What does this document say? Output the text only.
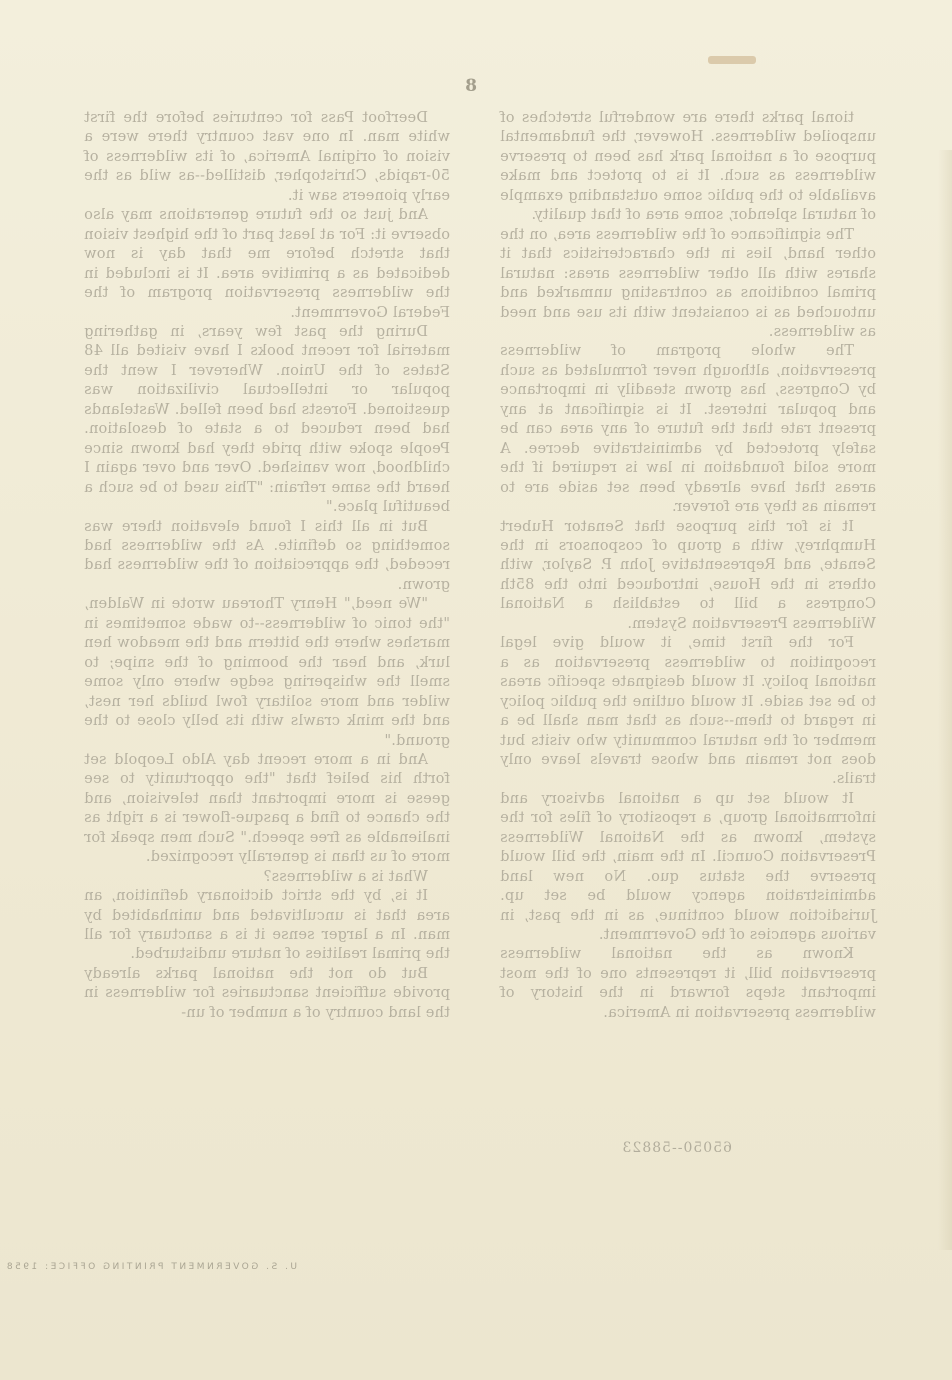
8

tional parks there are wonderful stretches of unspoiled wilderness. However, the fundamental purpose of a national park has been to preserve wilderness as such. It is to protect and make available to the public some outstanding example of natural splendor, some area of that quality.

The significance of the wilderness area, on the other hand, lies in the characteristics that it shares with all other wilderness areas: natural primal conditions as contrasting unmarked and untouched as is consistent with its use and need as wilderness.

The whole program of wilderness preservation, although never formulated as such by Congress, has grown steadily in importance and popular interest. It is significant at any present rate that the future of any area can be safely protected by administrative decree. A more solid foundation in law is required if the areas that have already been set aside are to remain as they are forever.

It is for this purpose that Senator Hubert Humphrey, with a group of cosponsors in the Senate, and Representative John P. Saylor, with others in the House, introduced into the 85th Congress a bill to establish a National Wilderness Preservation System.

For the first time, it would give legal recognition to wilderness preservation as a national policy. It would designate specific areas to be set aside. It would outline the public policy in regard to them--such as that man shall be a member of the natural community who visits but does not remain and whose travels leave only trails.

It would set up a national advisory and informational group, a repository of files for the system, known as the National Wilderness Preservation Council. In the main, the bill would preserve the status quo. No new land administration agency would be set up. Jurisdiction would continue, as in the past, in various agencies of the Government.

Known as the national wilderness preservation bill, it represents one of the most important steps forward in the history of wilderness preservation in America.

Deerfoot Pass for centuries before the first white man. In one vast country there were a vision of original America, of its wilderness of 50-rapids, Christopher, distilled--as wild as the early pioneers saw it.

And just so the future generations may also observe it: For at least part of the highest vision that stretch before me that day is now dedicated as a primitive area. It is included in the wilderness preservation program of the Federal Government.

During the past few years, in gathering material for recent books I have visited all 48 States of the Union. Wherever I went the popular or intellectual civilization was questioned. Forests had been felled. Wastelands had been reduced to a state of desolation. People spoke with pride they had known since childhood, now vanished. Over and over again I heard the same refrain: "This used to be such a beautiful place."

But in all this I found elevation there was something so definite. As the wilderness had receded, the appreciation of the wilderness had grown.

"We need," Henry Thoreau wrote in Walden, "the tonic of wilderness--to wade sometimes in marshes where the bittern and the meadow hen lurk, and hear the booming of the snipe; to smell the whispering sedge where only some wilder and more solitary fowl builds her nest, and the mink crawls with its belly close to the ground."

And in a more recent day Aldo Leopold set forth his belief that "the opportunity to see geese is more important than television, and the chance to find a pasque-flower is a right as inalienable as free speech." Such men speak for more of us than is generally recognized.

What is a wilderness?

It is, by the strict dictionary definition, an area that is uncultivated and uninhabited by man. In a larger sense it is a sanctuary for all the primal realities of nature undisturbed.

But do not the national parks already provide sufficient sanctuaries for wilderness in the land country of a number of un-

65050--58823
U. S. GOVERNMENT PRINTING OFFICE: 1958
